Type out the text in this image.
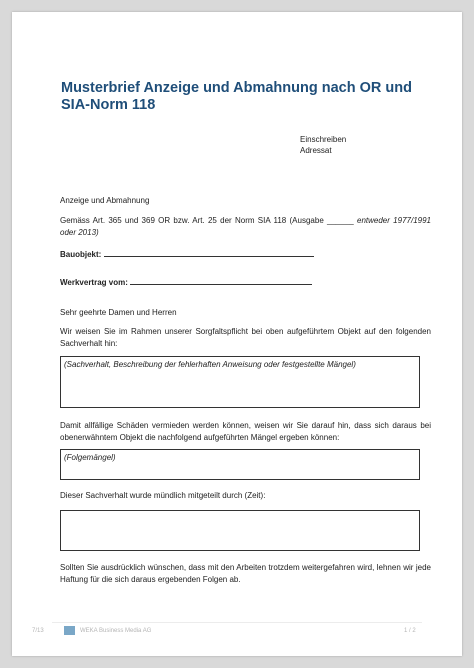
Musterbrief Anzeige und Abmahnung nach OR und SIA-Norm 118
Einschreiben
Adressat
Anzeige und Abmahnung
Gemäss Art. 365 und 369 OR bzw. Art. 25 der Norm SIA 118 (Ausgabe ______ entweder 1977/1991 oder 2013)
Bauobjekt:
Werkvertrag vom:
Sehr geehrte Damen und Herren
Wir weisen Sie im Rahmen unserer Sorgfaltspflicht bei oben aufgeführtem Objekt auf den folgenden Sachverhalt hin:
(Sachverhalt, Beschreibung der fehlerhaften Anweisung oder festgestellte Mängel)
Damit allfällige Schäden vermieden werden können, weisen wir Sie darauf hin, dass sich daraus bei obenerwähntem Objekt die nachfolgend aufgeführten Mängel ergeben können:
(Folgemängel)
Dieser Sachverhalt wurde mündlich mitgeteilt durch (Zeit):
Sollten Sie ausdrücklich wünschen, dass mit den Arbeiten trotzdem weitergefahren wird, lehnen wir jede Haftung für die sich daraus ergebenden Folgen ab.
7/13	WEKA Business Media AG	1 / 2
